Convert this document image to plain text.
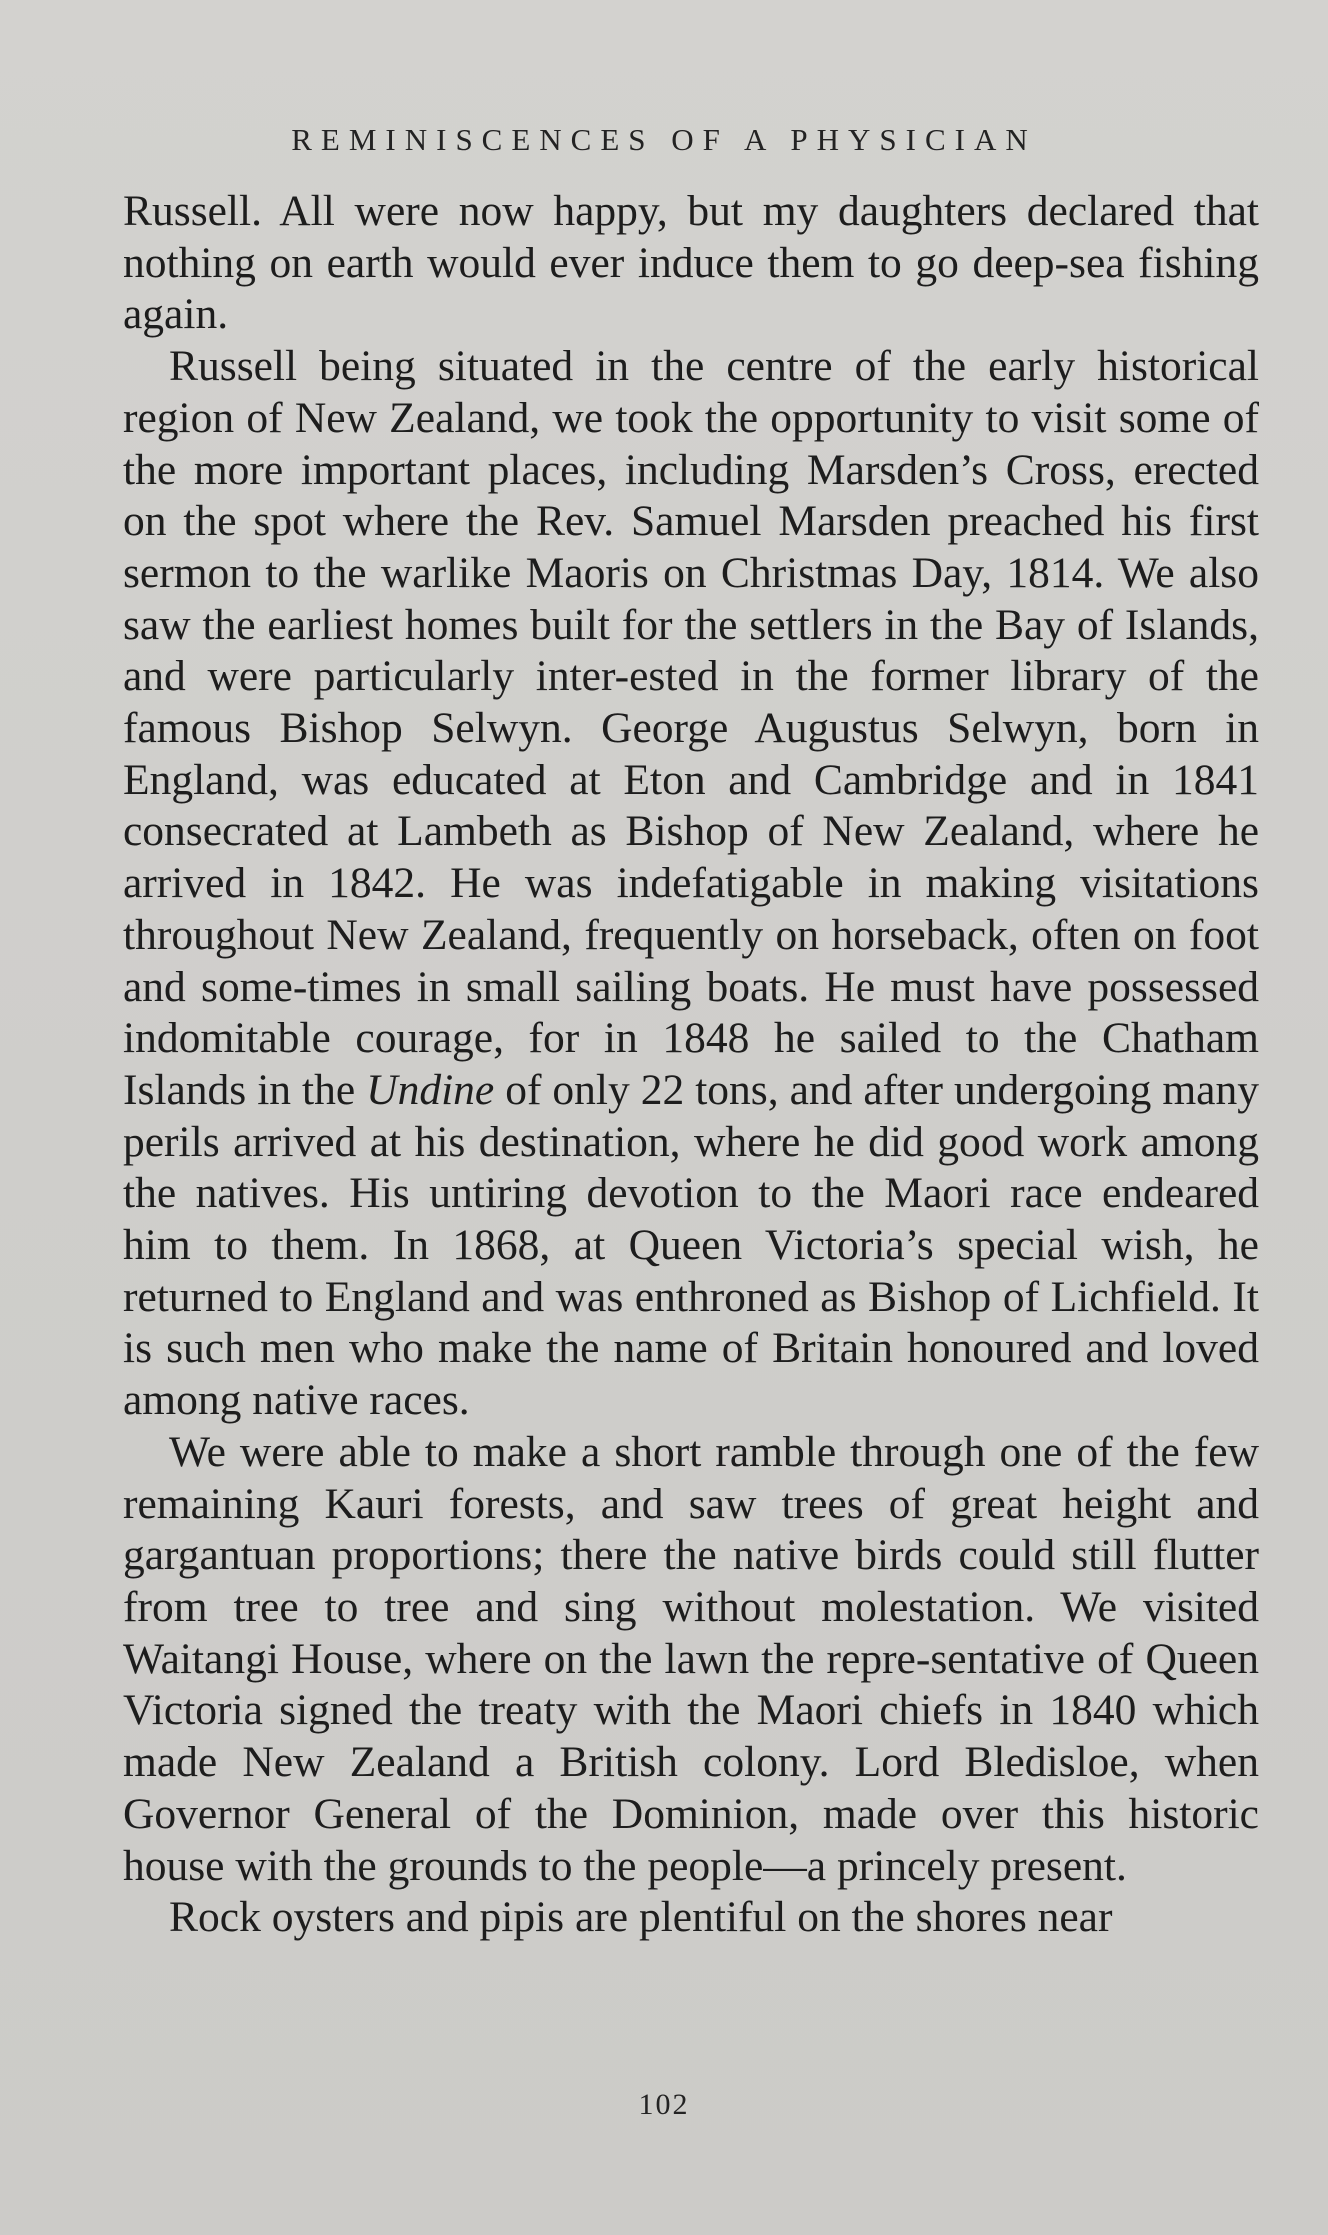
REMINISCENCES OF A PHYSICIAN

Russell. All were now happy, but my daughters declared that nothing on earth would ever induce them to go deep-sea fishing again.

Russell being situated in the centre of the early historical region of New Zealand, we took the opportunity to visit some of the more important places, including Marsden’s Cross, erected on the spot where the Rev. Samuel Marsden preached his first sermon to the warlike Maoris on Christmas Day, 1814. We also saw the earliest homes built for the settlers in the Bay of Islands, and were particularly inter-ested in the former library of the famous Bishop Selwyn. George Augustus Selwyn, born in England, was educated at Eton and Cambridge and in 1841 consecrated at Lambeth as Bishop of New Zealand, where he arrived in 1842. He was indefatigable in making visitations throughout New Zealand, frequently on horseback, often on foot and some-times in small sailing boats. He must have possessed indomitable courage, for in 1848 he sailed to the Chatham Islands in the Undine of only 22 tons, and after undergoing many perils arrived at his destination, where he did good work among the natives. His untiring devotion to the Maori race endeared him to them. In 1868, at Queen Victoria’s special wish, he returned to England and was enthroned as Bishop of Lichfield. It is such men who make the name of Britain honoured and loved among native races.

We were able to make a short ramble through one of the few remaining Kauri forests, and saw trees of great height and gargantuan proportions; there the native birds could still flutter from tree to tree and sing without molestation. We visited Waitangi House, where on the lawn the repre-sentative of Queen Victoria signed the treaty with the Maori chiefs in 1840 which made New Zealand a British colony. Lord Bledisloe, when Governor General of the Dominion, made over this historic house with the grounds to the people—a princely present.

Rock oysters and pipis are plentiful on the shores near

102
